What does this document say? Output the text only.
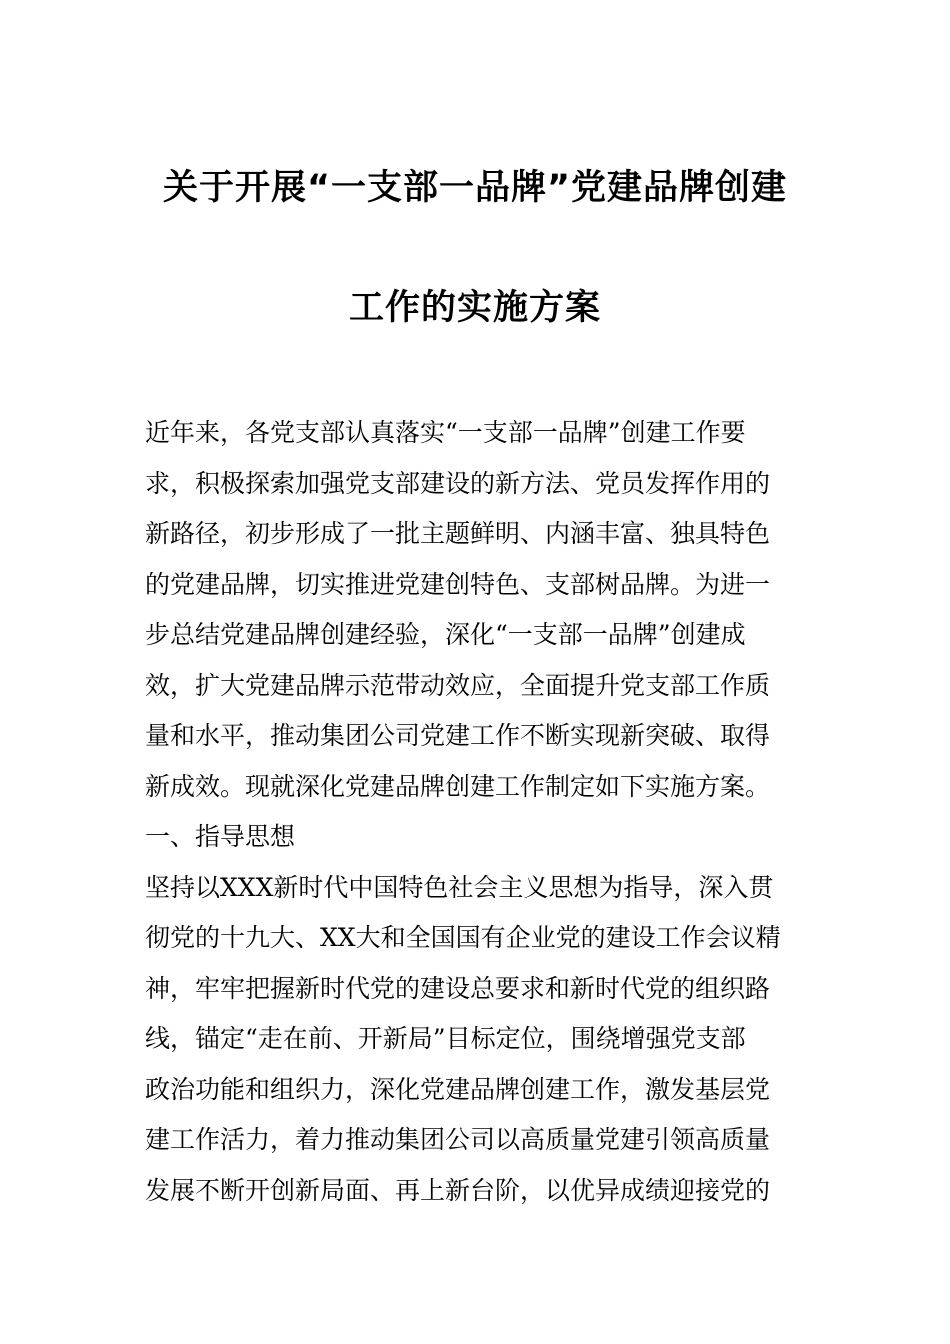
关于开展“一支部一品牌”党建品牌创建
工作的实施方案
近年来，各党支部认真落实“一支部一品牌”创建工作要
求，积极探索加强党支部建设的新方法、党员发挥作用的
新路径，初步形成了一批主题鲜明、内涵丰富、独具特色
的党建品牌，切实推进党建创特色、支部树品牌。为进一
步总结党建品牌创建经验，深化“一支部一品牌”创建成
效，扩大党建品牌示范带动效应，全面提升党支部工作质
量和水平，推动集团公司党建工作不断实现新突破、取得
新成效。现就深化党建品牌创建工作制定如下实施方案。
一、指导思想
坚持以XXX新时代中国特色社会主义思想为指导，深入贯
彻党的十九大、XX大和全国国有企业党的建设工作会议精
神，牢牢把握新时代党的建设总要求和新时代党的组织路
线，锚定“走在前、开新局”目标定位，围绕增强党支部
政治功能和组织力，深化党建品牌创建工作，激发基层党
建工作活力，着力推动集团公司以高质量党建引领高质量
发展不断开创新局面、再上新台阶，以优异成绩迎接党的
